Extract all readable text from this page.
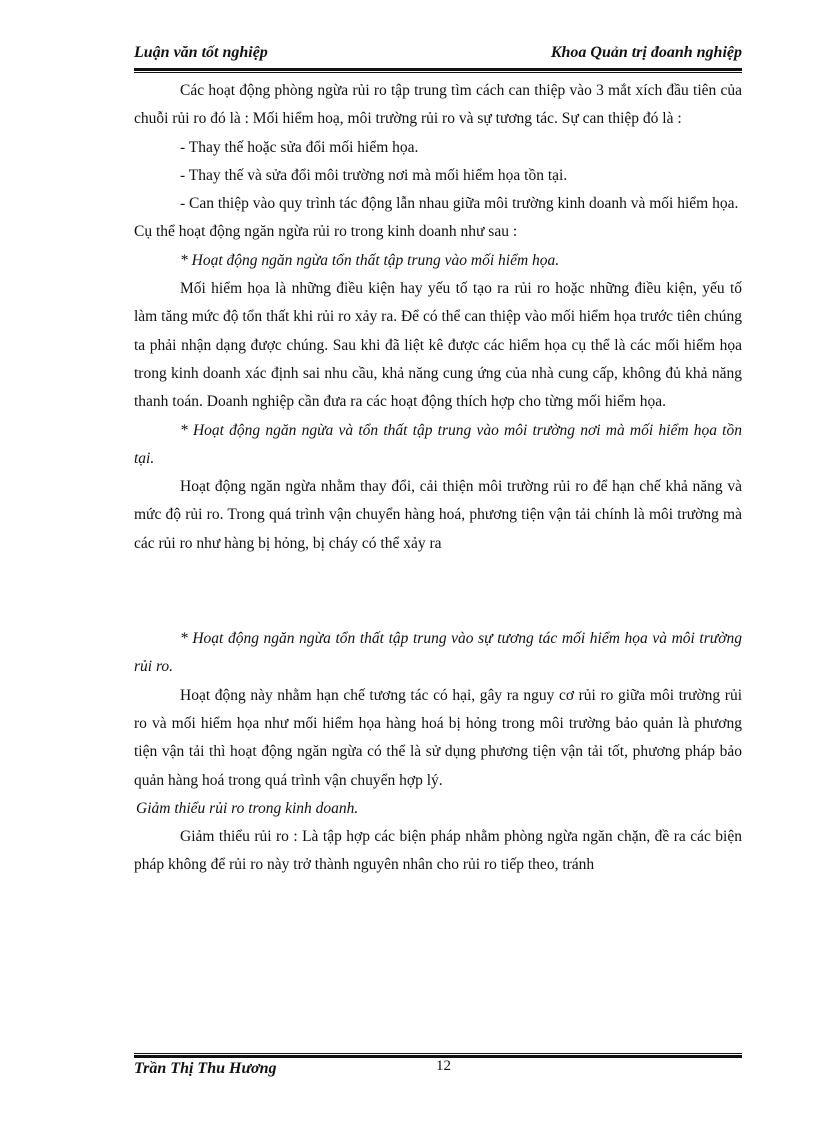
Luận văn tốt nghiệp	Khoa Quản trị đoanh nghiệp

Các hoạt động phòng ngừa rủi ro tập trung tìm cách can thiệp vào 3 mắt xích đầu tiên của chuỗi rủi ro đó là : Mối hiểm hoạ, môi trường rủi ro và sự tương tác. Sự can thiệp đó là :

- Thay thế hoặc sửa đổi mối hiểm họa.

- Thay thế và sửa đổi môi trường nơi mà mối hiểm họa tồn tại.

- Can thiệp vào quy trình tác động lẫn nhau giữa môi trường kinh doanh và mối hiểm họa.

Cụ thể hoạt động ngăn ngừa rủi ro trong kinh doanh như sau :

* Hoạt động ngăn ngừa tổn thất tập trung vào mối hiểm họa.

Mối hiểm họa là những điều kiện hay yếu tố tạo ra rủi ro hoặc những điều kiện, yếu tố làm tăng mức độ tổn thất khi rủi ro xảy ra. Để có thể can thiệp vào mối hiểm họa trước tiên chúng ta phải nhận dạng được chúng. Sau khi đã liệt kê được các hiểm họa cụ thể là các mối hiểm họa trong kinh doanh xác định sai nhu cầu, khả năng cung ứng của nhà cung cấp, không đủ khả năng thanh toán. Doanh nghiệp cần đưa ra các hoạt động thích hợp cho từng mối hiểm họa.

* Hoạt động ngăn ngừa và tổn thất tập trung vào môi trường nơi mà mối hiểm họa tồn tại.

Hoạt động ngăn ngừa nhằm thay đổi, cải thiện môi trường rủi ro để hạn chế khả năng và mức độ rủi ro. Trong quá trình vận chuyển hàng hoá, phương tiện vận tải chính là môi trường mà các rủi ro như hàng bị hỏng, bị cháy có thể xảy ra

* Hoạt động ngăn ngừa tổn thất tập trung vào sự tương tác mối hiểm họa và môi trường rủi ro.

Hoạt động này nhằm hạn chế tương tác có hại, gây ra nguy cơ rủi ro giữa môi trường rủi ro và mối hiểm họa như mối hiểm họa hàng hoá bị hỏng trong môi trường bảo quản là phương tiện vận tải thì hoạt động ngăn ngừa có thể là sử dụng phương tiện vận tải tốt, phương pháp bảo quản hàng hoá trong quá trình vận chuyển hợp lý.

Giảm thiểu rủi ro trong kinh doanh.

Giảm thiểu rủi ro : Là tập hợp các biện pháp nhằm phòng ngừa ngăn chặn, đề ra các biện pháp không để rủi ro này trở thành nguyên nhân cho rủi ro tiếp theo, tránh

Trần Thị Thu Hương	12
